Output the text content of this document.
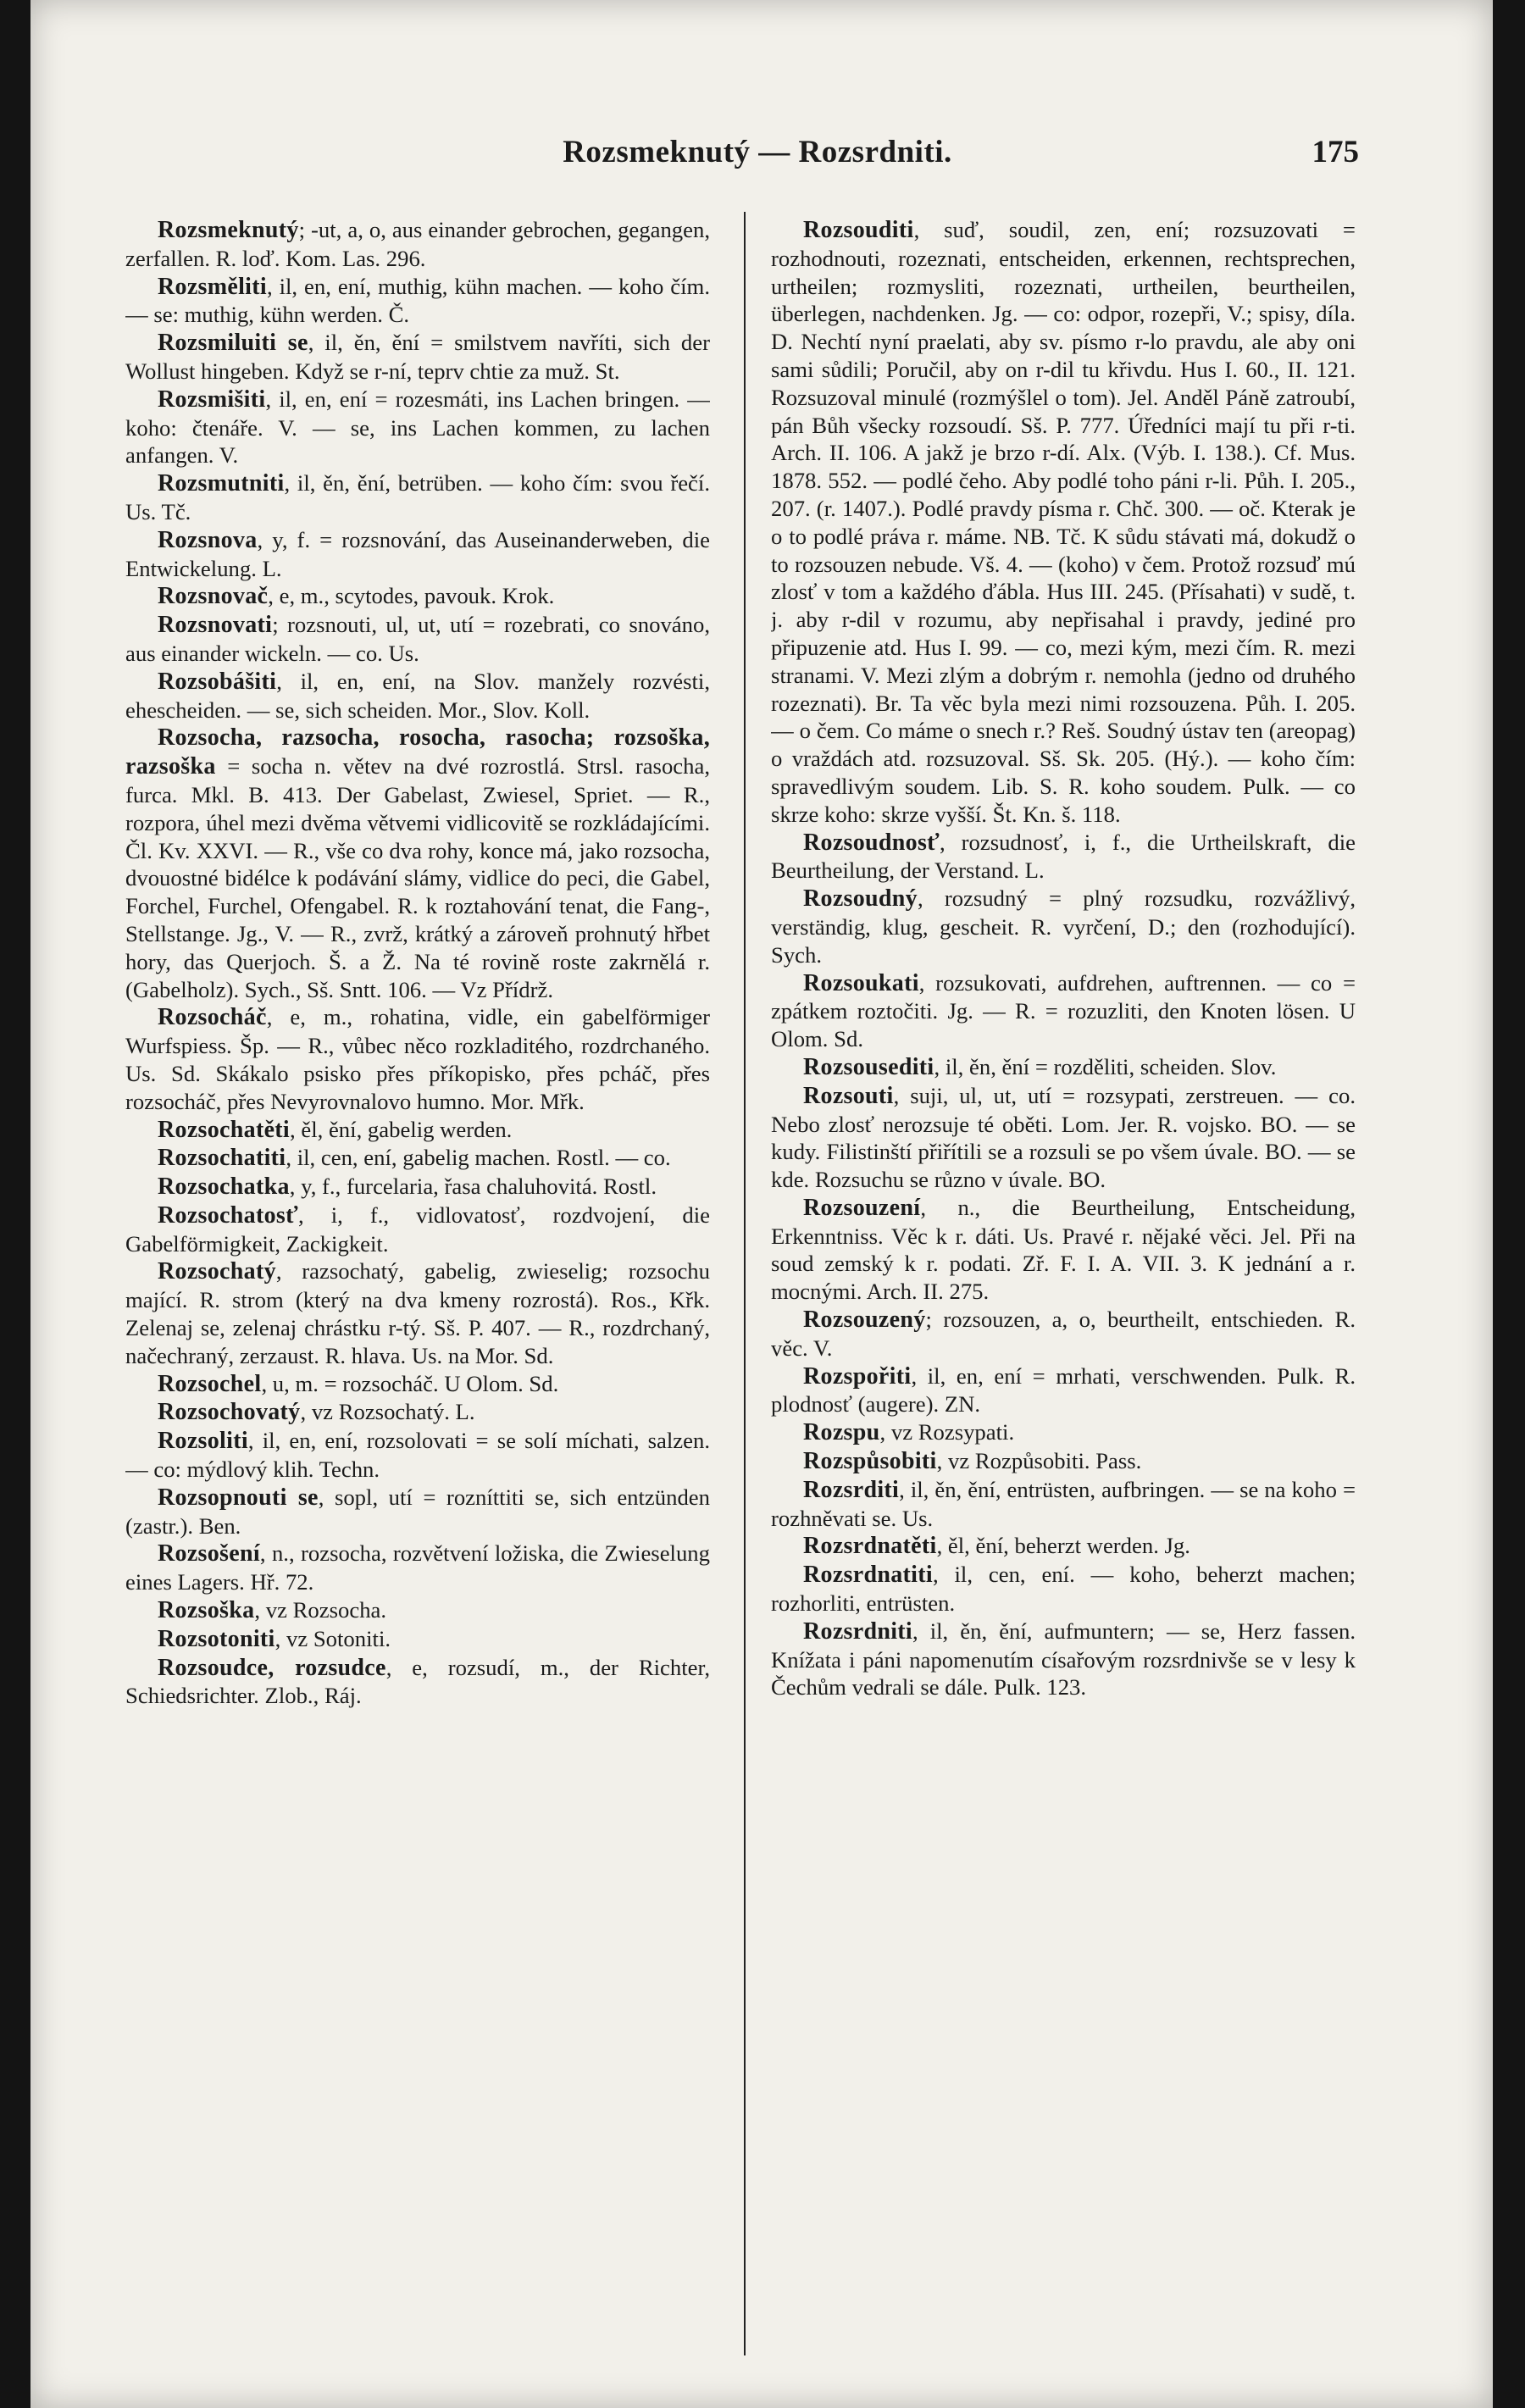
Rozsmeknutý — Rozsrdniti.	175

Rozsmeknutý; -ut, a, o, aus einander gebrochen, gegangen, zerfallen. R. loď. Kom. Las. 296.

Rozsměliti, il, en, ení, muthig, kühn machen. — koho čím. — se: muthig, kühn werden. Č.

Rozsmiluiti se, il, ěn, ění = smilstvem navříti, sich der Wollust hingeben. Když se r-ní, teprv chtie za muž. St.

Rozsmišiti, il, en, ení = rozesmáti, ins Lachen bringen. — koho: čtenáře. V. — se, ins Lachen kommen, zu lachen anfangen. V.

Rozsmutniti, il, ěn, ění, betrüben. — koho čím: svou řečí. Us. Tč.

Rozsnova, y, f. = rozsnování, das Auseinanderweben, die Entwickelung. L.

Rozsnovač, e, m., scytodes, pavouk. Krok.

Rozsnovati; rozsnouti, ul, ut, utí = rozebrati, co snováno, aus einander wickeln. — co. Us.

Rozsobášiti, il, en, ení, na Slov. manžely rozvésti, ehescheiden. — se, sich scheiden. Mor., Slov. Koll.

Rozsocha, razsocha, rosocha, rasocha; rozsoška, razsoška = socha n. větev na dvé rozrostlá. Strsl. rasocha, furca. Mkl. B. 413. Der Gabelast, Zwiesel, Spriet. — R., rozpora, úhel mezi dvěma větvemi vidlicovitě se rozkládajícími. Čl. Kv. XXVI. — R., vše co dva rohy, konce má, jako rozsocha, dvouostné bidélce k podávání slámy, vidlice do peci, die Gabel, Forchel, Furchel, Ofengabel. R. k roztahování tenat, die Fang-, Stellstange. Jg., V. — R., zvrž, krátký a zároveň prohnutý hřbet hory, das Querjoch. Š. a Ž. Na té rovině roste zakrnělá r. (Gabelholz). Sych., Sš. Sntt. 106. — Vz Přídrž.

Rozsocháč, e, m., rohatina, vidle, ein gabelförmiger Wurfspiess. Šp. — R., vůbec něco rozkladitého, rozdrchaného. Us. Sd. Skákalo psisko přes příkopisko, přes pcháč, přes rozsocháč, přes Nevyrovnalovo humno. Mor. Mřk.

Rozsochatěti, ěl, ění, gabelig werden.

Rozsochatiti, il, cen, ení, gabelig machen. Rostl. — co.

Rozsochatka, y, f., furcelaria, řasa chaluhovitá. Rostl.

Rozsochatosť, i, f., vidlovatosť, rozdvojení, die Gabelförmigkeit, Zackigkeit.

Rozsochatý, razsochatý, gabelig, zwieselig; rozsochu mající. R. strom (který na dva kmeny rozrostá). Ros., Křk. Zelenaj se, zelenaj chrástku r-tý. Sš. P. 407. — R., rozdrchaný, načechraný, zerzaust. R. hlava. Us. na Mor. Sd.

Rozsochel, u, m. = rozsocháč. U Olom. Sd.

Rozsochovatý, vz Rozsochatý. L.

Rozsoliti, il, en, ení, rozsolovati = se solí míchati, salzen. — co: mýdlový klih. Techn.

Rozsopnouti se, sopl, utí = rozníttiti se, sich entzünden (zastr.). Ben.

Rozsošení, n., rozsocha, rozvětvení ložiska, die Zwieselung eines Lagers. Hř. 72.

Rozsoška, vz Rozsocha.

Rozsotoniti, vz Sotoniti.

Rozsoudce, rozsudce, e, rozsudí, m., der Richter, Schiedsrichter. Zlob., Ráj.

Rozsouditi, suď, soudil, zen, ení; rozsuzovati = rozhodnouti, rozeznati, entscheiden, erkennen, rechtsprechen, urtheilen; rozmysliti, rozeznati, urtheilen, beurtheilen, überlegen, nachdenken. Jg. — co: odpor, rozepři, V.; spisy, díla. D. Nechtí nyní praelati, aby sv. písmo r-lo pravdu, ale aby oni sami sůdili; Poručil, aby on r-dil tu křivdu. Hus I. 60., II. 121. Rozsuzoval minulé (rozmýšlel o tom). Jel. Anděl Páně zatroubí, pán Bůh všecky rozsoudí. Sš. P. 777. Úředníci mají tu při r-ti. Arch. II. 106. A jakž je brzo r-dí. Alx. (Výb. I. 138.). Cf. Mus. 1878. 552. — podlé čeho. Aby podlé toho páni r-li. Půh. I. 205., 207. (r. 1407.). Podlé pravdy písma r. Chč. 300. — oč. Kterak je o to podlé práva r. máme. NB. Tč. K sůdu stávati má, dokudž o to rozsouzen nebude. Vš. 4. — (koho) v čem. Protož rozsuď mú zlosť v tom a každého ďábla. Hus III. 245. (Přísahati) v sudě, t. j. aby r-dil v rozumu, aby nepřisahal i pravdy, jediné pro připuzenie atd. Hus I. 99. — co, mezi kým, mezi čím. R. mezi stranami. V. Mezi zlým a dobrým r. nemohla (jedno od druhého rozeznati). Br. Ta věc byla mezi nimi rozsouzena. Půh. I. 205. — o čem. Co máme o snech r.? Reš. Soudný ústav ten (areopag) o vraždách atd. rozsuzoval. Sš. Sk. 205. (Hý.). — koho čím: spravedlivým soudem. Lib. S. R. koho soudem. Pulk. — co skrze koho: skrze vyšší. Št. Kn. š. 118.

Rozsoudnosť, rozsudnosť, i, f., die Urtheilskraft, die Beurtheilung, der Verstand. L.

Rozsoudný, rozsudný = plný rozsudku, rozvážlivý, verständig, klug, gescheit. R. vyrčení, D.; den (rozhodující). Sych.

Rozsoukati, rozsukovati, aufdrehen, auftrennen. — co = zpátkem roztočiti. Jg. — R. = rozuzliti, den Knoten lösen. U Olom. Sd.

Rozsouseditі, il, ěn, ění = rozděliti, scheiden. Slov.

Rozsouti, suji, ul, ut, utí = rozsypati, zerstreuen. — co. Nebo zlosť nerozsuje té oběti. Lom. Jer. R. vojsko. BO. — se kudy. Filistinští přiřítili se a rozsuli se po všem úvale. BO. — se kde. Rozsuchu se různo v úvale. BO.

Rozsouzení, n., die Beurtheilung, Entscheidung, Erkenntniss. Věc k r. dáti. Us. Pravé r. nějaké věci. Jel. Při na soud zemský k r. podati. Zř. F. I. A. VII. 3. K jednání a r. mocnými. Arch. II. 275.

Rozsouzený; rozsouzen, a, o, beurtheilt, entschieden. R. věc. V.

Rozspořiti, il, en, ení = mrhati, verschwenden. Pulk. R. plodnosť (augere). ZN.

Rozspu, vz Rozsypati.

Rozspůsobiti, vz Rozpůsobiti. Pass.

Rozsrditi, il, ěn, ění, entrüsten, aufbringen. — se na koho = rozhněvati se. Us.

Rozsrdnatěti, ěl, ění, beherzt werden. Jg.

Rozsrdnatiti, il, cen, ení. — koho, beherzt machen; rozhorliti, entrüsten.

Rozsrdniti, il, ěn, ění, aufmuntern; — se, Herz fassen. Knížata i páni napomenutím císařovým rozsrdnivše se v lesy k Čechům vedrali se dále. Pulk. 123.
